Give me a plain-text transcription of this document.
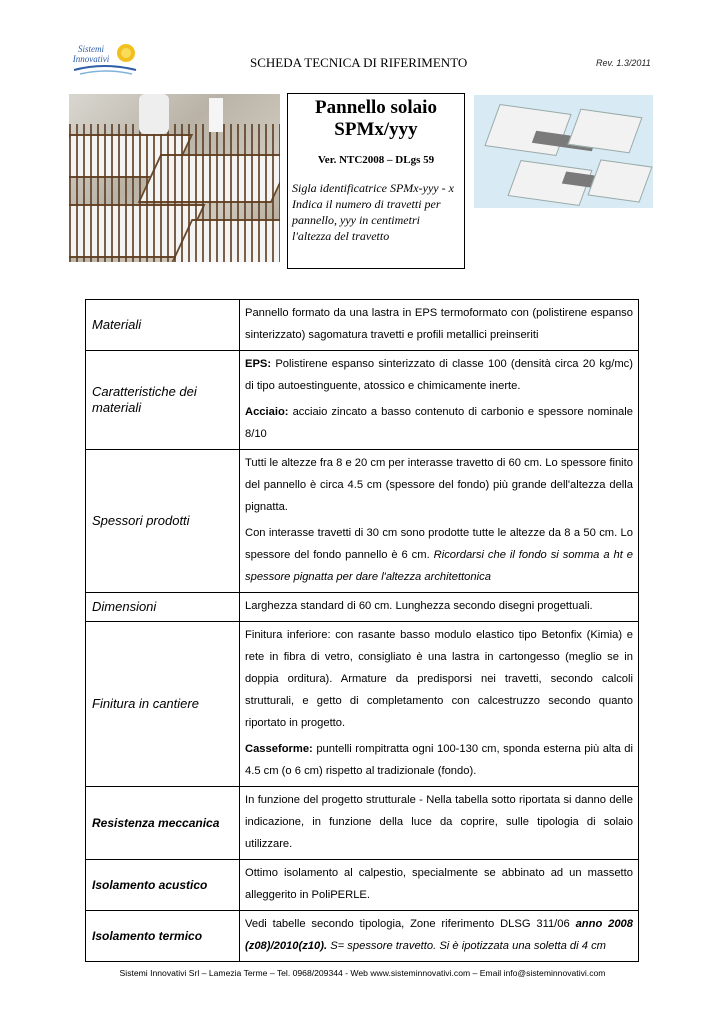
Sistemi Innovativi	SCHEDA TECNICA DI RIFERIMENTO	Rev. 1.3/2011
Pannello solaio
SPMx/yyy
Ver. NTC2008 – DLgs 59
Sigla identificatrice SPMx-yyy - x Indica il numero di travetti per pannello, yyy in centimetri l'altezza del travetto
Materiali	Pannello formato da una lastra in EPS termoformato con (polistirene espanso sinterizzato) sagomatura travetti e profili metallici preinseriti

Caratteristiche dei materiali	EPS: Polistirene espanso sinterizzato di classe 100 (densità circa 20 kg/mc) di tipo autoestinguente, atossico e chimicamente inerte.

Acciaio: acciaio zincato a basso contenuto di carbonio e spessore nominale 8/10

Spessori prodotti	Tutti le altezze fra 8 e 20 cm per interasse travetto di 60 cm. Lo spessore finito del pannello è circa 4.5 cm (spessore del fondo) più grande dell'altezza della pignatta.

Con interasse travetti di 30 cm sono prodotte tutte le altezze da 8 a 50 cm. Lo spessore del fondo pannello è 6 cm. Ricordarsi che il fondo si somma a ht e spessore pignatta per dare l'altezza architettonica

Dimensioni	Larghezza standard di 60 cm. Lunghezza secondo disegni progettuali.

Finitura in cantiere	Finitura inferiore: con rasante basso modulo elastico tipo Betonfix (Kimia) e rete in fibra di vetro, consigliato è una lastra in cartongesso (meglio se in doppia orditura). Armature da predisporsi nei travetti, secondo calcoli strutturali, e getto di completamento con calcestruzzo secondo quanto riportato in progetto.

Casseforme: puntelli rompitratta ogni 100-130 cm, sponda esterna più alta di 4.5 cm (o 6 cm) rispetto al tradizionale (fondo).

Resistenza meccanica	In funzione del progetto strutturale - Nella tabella sotto riportata si danno delle indicazione, in funzione della luce da coprire, sulle tipologia di solaio utilizzare.

Isolamento acustico	Ottimo isolamento al calpestio, specialmente se abbinato ad un massetto alleggerito in PoliPERLE.

Isolamento termico	Vedi tabelle secondo tipologia, Zone riferimento DLSG 311/06 anno 2008 (z08)/2010(z10). S= spessore travetto. Si è ipotizzata una soletta di 4 cm

Sistemi Innovativi Srl – Lamezia Terme – Tel. 0968/209344 - Web www.sisteminnovativi.com – Email info@sisteminnovativi.com
